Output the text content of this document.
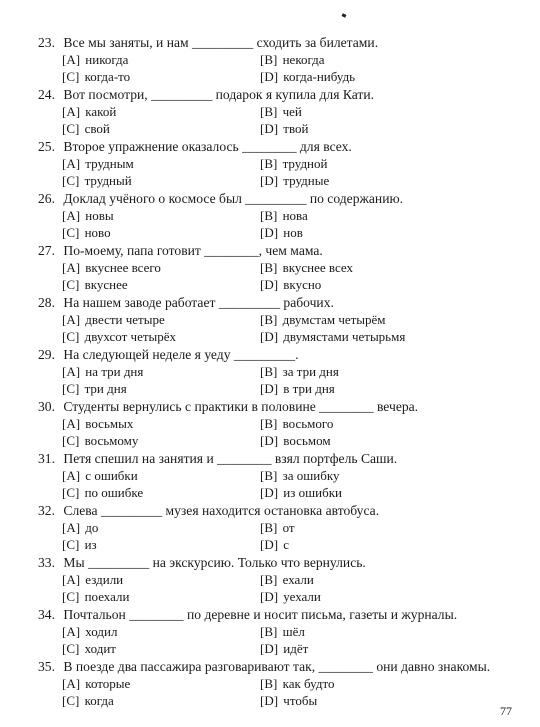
23. Все мы заняты, и нам _________ сходить за билетами.
[A] никогда	[B] некогда
[C] когда-то	[D] когда-нибудь
24. Вот посмотри, _________ подарок я купила для Кати.
[A] какой	[B] чей
[C] свой	[D] твой
25. Второе упражнение оказалось ________ для всех.
[A] трудным	[B] трудной
[C] трудный	[D] трудные
26. Доклад учёного о космосе был _________ по содержанию.
[A] новы	[B] нова
[C] ново	[D] нов
27. По-моему, папа готовит ________, чем мама.
[A] вкуснее всего	[B] вкуснее всех
[C] вкуснее	[D] вкусно
28. На нашем заводе работает _________ рабочих.
[A] двести четыре	[B] двумстам четырём
[C] двухсот четырёх	[D] двумястами четырьмя
29. На следующей неделе я уеду _________.
[A] на три дня	[B] за три дня
[C] три дня	[D] в три дня
30. Студенты вернулись с практики в половине ________ вечера.
[A] восьмых	[B] восьмого
[C] восьмому	[D] восьмом
31. Петя спешил на занятия и ________ взял портфель Саши.
[A] с ошибки	[B] за ошибку
[C] по ошибке	[D] из ошибки
32. Слева _________ музея находится остановка автобуса.
[A] до	[B] от
[C] из	[D] с
33. Мы _________ на экскурсию. Только что вернулись.
[A] ездили	[B] ехали
[C] поехали	[D] уехали
34. Почтальон ________ по деревне и носит письма, газеты и журналы.
[A] ходил	[B] шёл
[C] ходит	[D] идёт
35. В поезде два пассажира разговаривают так, ________ они давно знакомы.
[A] которые	[B] как будто
[C] когда	[D] чтобы
77
